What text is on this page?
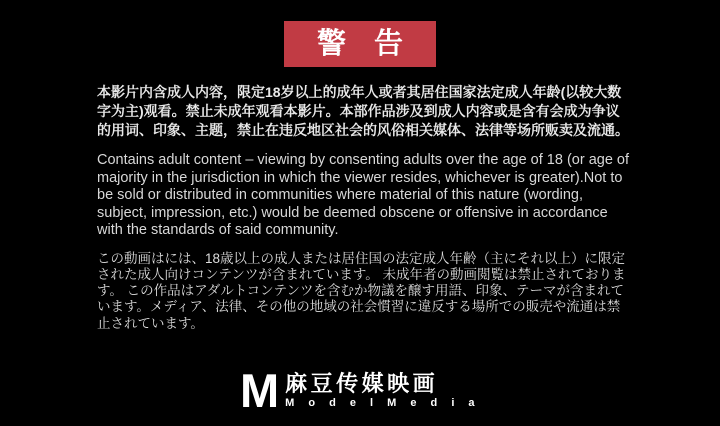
警 告

本影片内含成人内容，限定18岁以上的成年人或者其居住国家法定成人年龄(以较大数字为主)观看。禁止未成年观看本影片。本部作品涉及到成人内容或是含有会成为争议的用词、印象、主题，禁止在违反地区社会的风俗相关媒体、法律等场所贩卖及流通。

Contains adult content – viewing by consenting adults over the age of 18 (or age of majority in the jurisdiction in which the viewer resides, whichever is greater).Not to be sold or distributed in communities where material of this nature (wording, subject, impression, etc.) would be deemed obscene or offensive in accordance with the standards of said community.

この動画はには、18歳以上の成人または居住国の法定成人年齢（主にそれ以上）に限定された成人向けコンテンツが含まれています。 未成年者の動画閲覧は禁止されております。 この作品はアダルトコンテンツを含むか物議を醸す用語、印象、テーマが含まれています。メディア、法律、その他の地域の社会慣習に違反する場所での販売や流通は禁止されています。

M 麻豆传媒映画
M o d e l M e d i a
